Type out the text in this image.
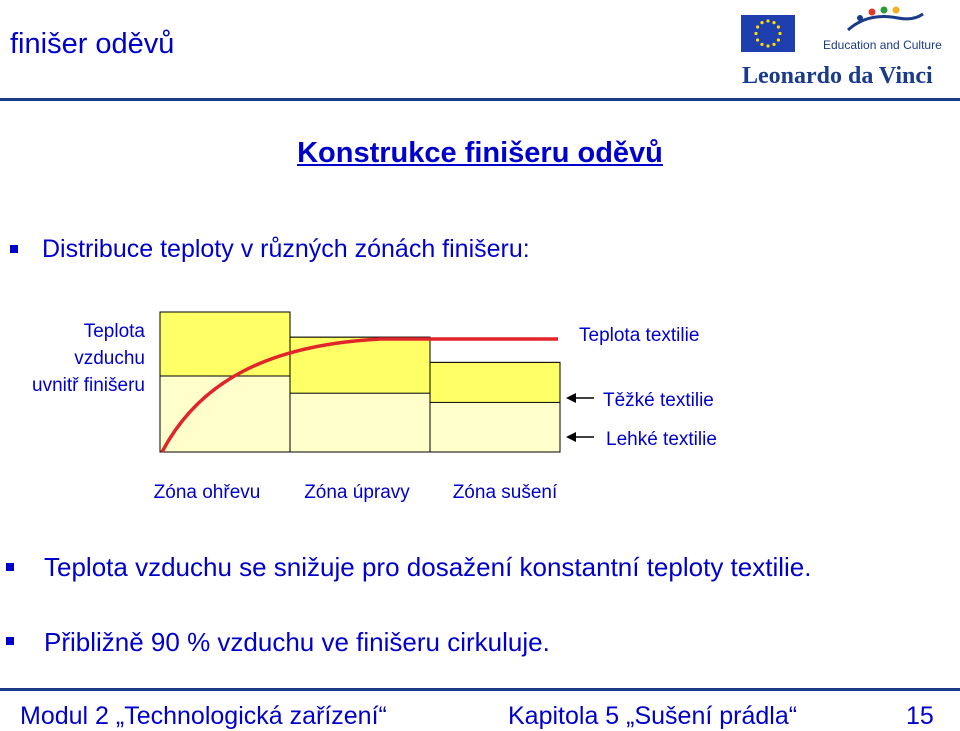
finišer oděvů	Education and Culture
Leonardo da Vinci
Konstrukce finišeru oděvů
Distribuce teploty v různých zónách finišeru:
Teplota
vzduchu
uvnitř finišeru
Teplota textilie
Těžké textilie
Lehké textilie
Zóna ohřevu Zóna úpravy Zóna sušení
Teplota vzduchu se snižuje pro dosažení konstantní teploty textilie.
Přibližně 90 % vzduchu ve finišeru cirkuluje.
Modul 2 „Technologická zařízení“	Kapitola 5 „Sušení prádla“	15
